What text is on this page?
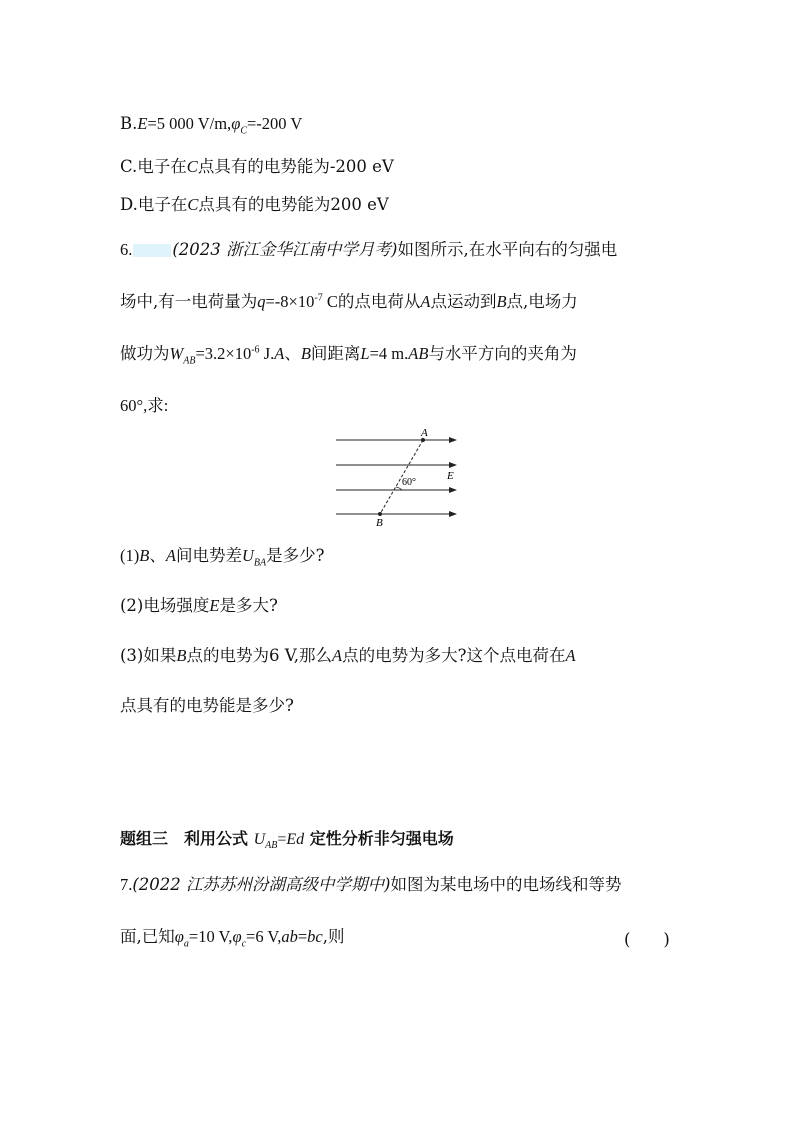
B.E=5 000 $V/m,\varphi_C=-200$ V
C.电子在C点具有的电势能为-200 eV
D.电子在C点具有的电势能为200 eV
6. (2023 浙江金华江南中学月考)如图所示,在水平向右的匀强电
场中,有一电荷量为$q=-8\times 10^{-7}$ C的点电荷从A点运动到B点,电场力
做功为$W_{AB}=3.2\times 10^{-6}$ J.A、B间距离L=4 m.AB与水平方向的夹角为
60°,求:
A
B
E
60°
(1)B、A间电势差$U_{BA}$是多少?
(2)电场强度E是多大?
(3)如果B点的电势为6 V,那么A点的电势为多大?这个点电荷在A
点具有的电势能是多少?
题组三　利用公式 $U_{AB}=Ed$ 定性分析非匀强电场
7.(2022 江苏苏州汾湖高级中学期中)如图为某电场中的电场线和等势
面,已知$\varphi_a=10$ $V,\varphi_c=6$ V,ab=bc,则	(　　)
